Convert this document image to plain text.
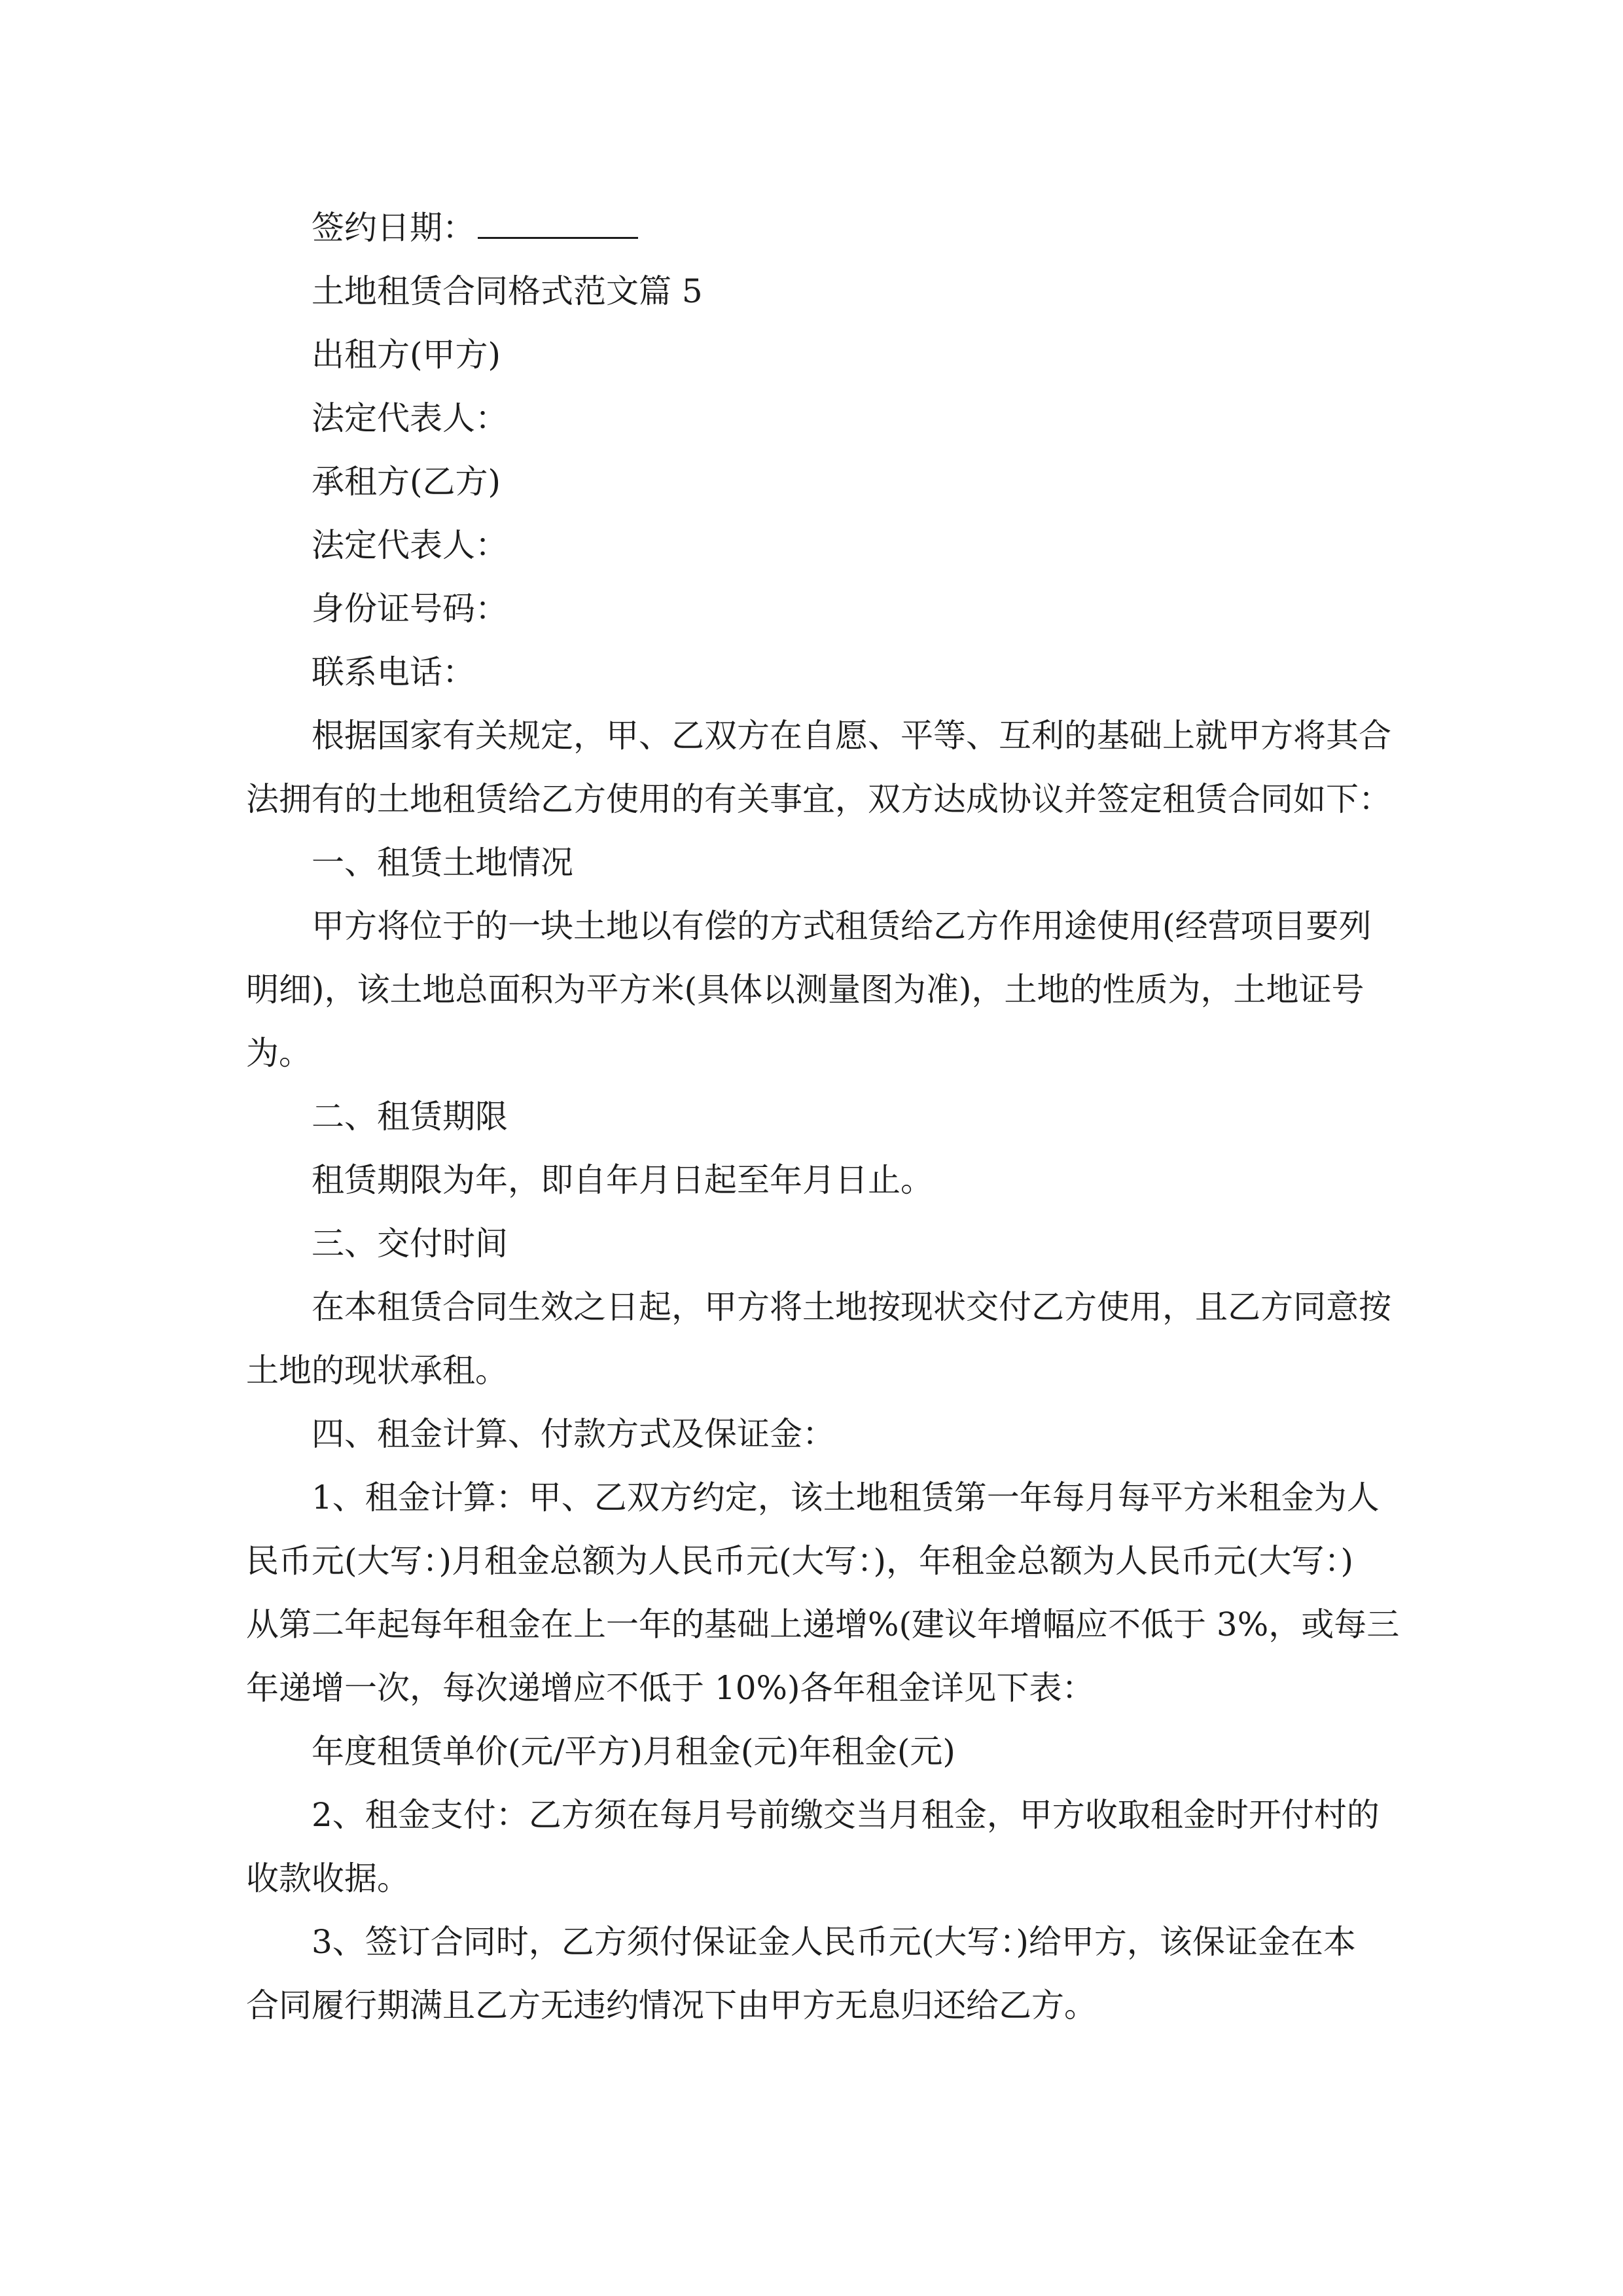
签约日期：
土地租赁合同格式范文篇 5
出租方(甲方)
法定代表人：
承租方(乙方)
法定代表人：
身份证号码：
联系电话：
根据国家有关规定，甲、乙双方在自愿、平等、互利的基础上就甲方将其合
法拥有的土地租赁给乙方使用的有关事宜，双方达成协议并签定租赁合同如下：
一、租赁土地情况
甲方将位于的一块土地以有偿的方式租赁给乙方作用途使用(经营项目要列
明细)，该土地总面积为平方米(具体以测量图为准)，土地的性质为，土地证号
为。
二、租赁期限
租赁期限为年，即自年月日起至年月日止。
三、交付时间
在本租赁合同生效之日起，甲方将土地按现状交付乙方使用，且乙方同意按
土地的现状承租。
四、租金计算、付款方式及保证金：
1、租金计算：甲、乙双方约定，该土地租赁第一年每月每平方米租金为人
民币元(大写：)月租金总额为人民币元(大写：)，年租金总额为人民币元(大写：)
从第二年起每年租金在上一年的基础上递增%(建议年增幅应不低于 3%，或每三
年递增一次，每次递增应不低于 10%)各年租金详见下表：
年度租赁单价(元/平方)月租金(元)年租金(元)
2、租金支付：乙方须在每月号前缴交当月租金，甲方收取租金时开付村的
收款收据。
3、签订合同时，乙方须付保证金人民币元(大写：)给甲方，该保证金在本
合同履行期满且乙方无违约情况下由甲方无息归还给乙方。
